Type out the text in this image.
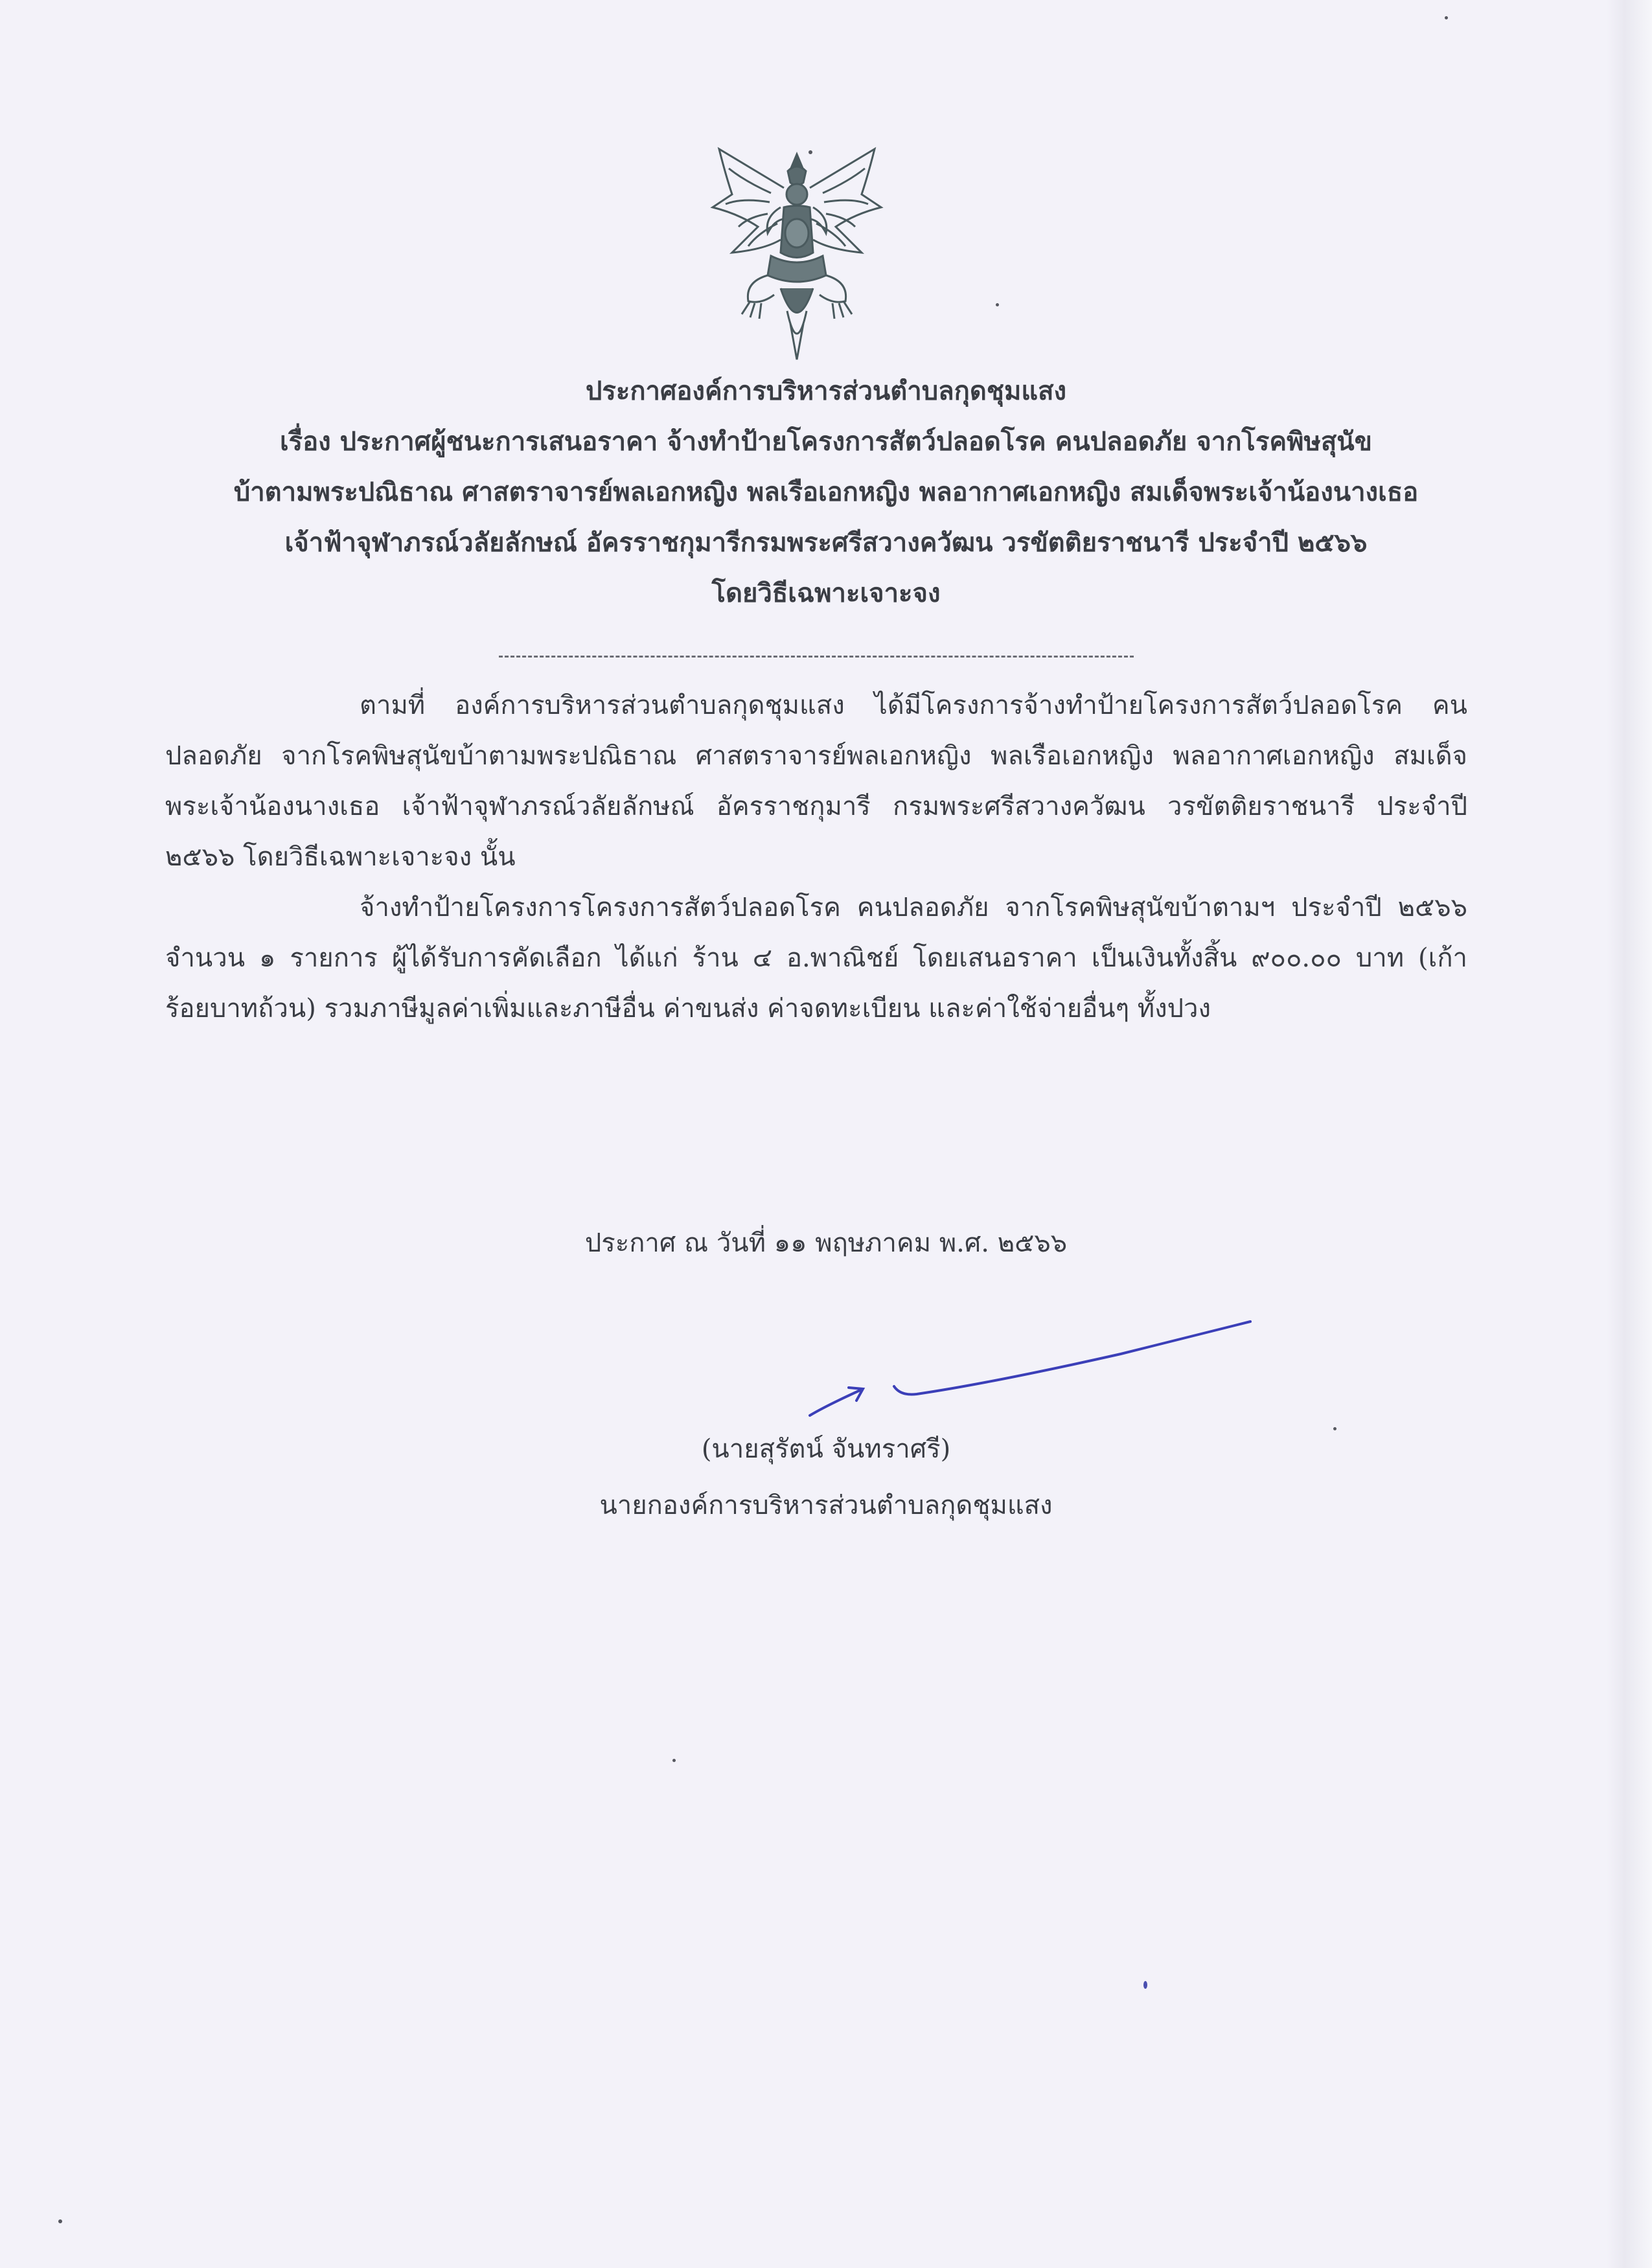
ประกาศองค์การบริหารส่วนตำบลกุดชุมแสง
เรื่อง ประกาศผู้ชนะการเสนอราคา จ้างทำป้ายโครงการสัตว์ปลอดโรค คนปลอดภัย จากโรคพิษสุนัข
บ้าตามพระปณิธาณ ศาสตราจารย์พลเอกหญิง พลเรือเอกหญิง พลอากาศเอกหญิง สมเด็จพระเจ้าน้องนางเธอ
เจ้าฟ้าจุฬาภรณ์วลัยลักษณ์ อัครราชกุมารีกรมพระศรีสวางควัฒน วรขัตติยราชนารี ประจำปี ๒๕๖๖
โดยวิธีเฉพาะเจาะจง
ตามที่ องค์การบริหารส่วนตำบลกุดชุมแสง ได้มีโครงการจ้างทำป้ายโครงการสัตว์ปลอดโรค คน
ปลอดภัย จากโรคพิษสุนัขบ้าตามพระปณิธาณ ศาสตราจารย์พลเอกหญิง พลเรือเอกหญิง พลอากาศเอกหญิง สมเด็จ
พระเจ้าน้องนางเธอ เจ้าฟ้าจุฬาภรณ์วลัยลักษณ์ อัครราชกุมารี กรมพระศรีสวางควัฒน วรขัตติยราชนารี ประจำปี
๒๕๖๖ โดยวิธีเฉพาะเจาะจง นั้น
จ้างทำป้ายโครงการโครงการสัตว์ปลอดโรค คนปลอดภัย จากโรคพิษสุนัขบ้าตามฯ ประจำปี ๒๕๖๖
จำนวน ๑ รายการ ผู้ได้รับการคัดเลือก ได้แก่ ร้าน ๔ อ.พาณิชย์ โดยเสนอราคา เป็นเงินทั้งสิ้น ๙๐๐.๐๐ บาท (เก้า
ร้อยบาทถ้วน) รวมภาษีมูลค่าเพิ่มและภาษีอื่น ค่าขนส่ง ค่าจดทะเบียน และค่าใช้จ่ายอื่นๆ ทั้งปวง
ประกาศ ณ วันที่ ๑๑ พฤษภาคม พ.ศ. ๒๕๖๖
(นายสุรัตน์ จันทราศรี)
นายกองค์การบริหารส่วนตำบลกุดชุมแสง
